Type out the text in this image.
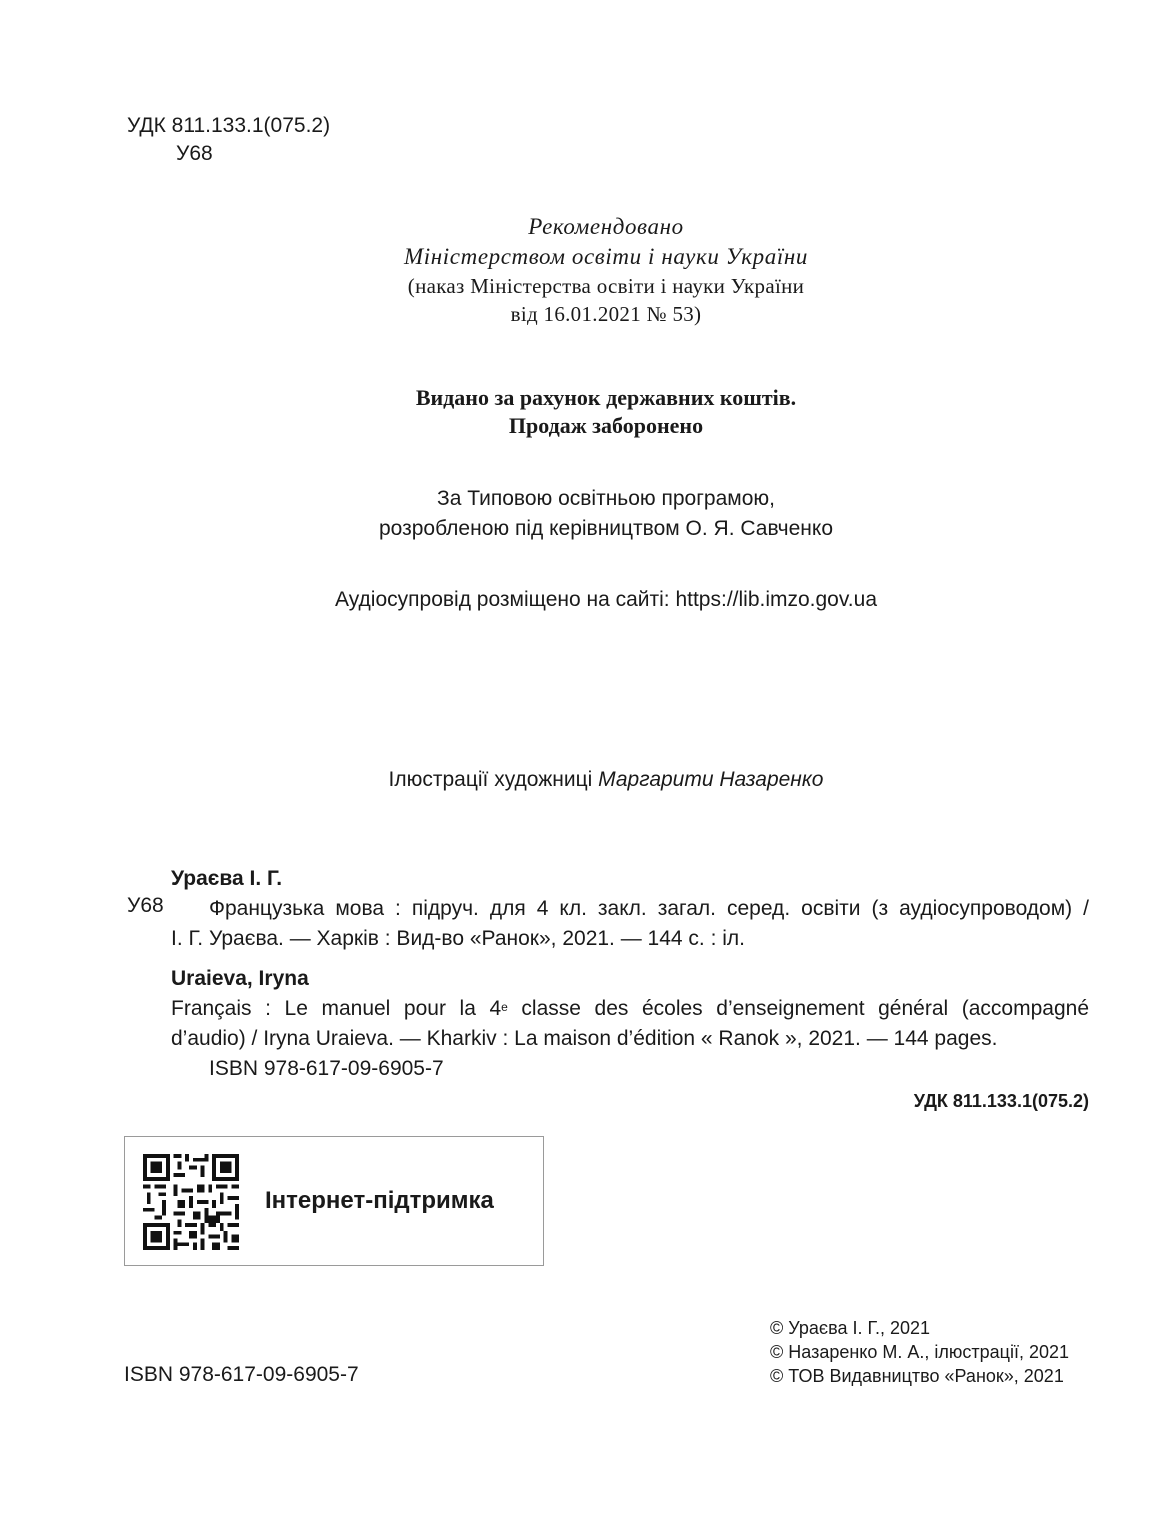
УДК 811.133.1(075.2)
У68
Рекомендовано
Міністерством освіти і науки України
(наказ Міністерства освіти і науки України
від 16.01.2021 № 53)
Видано за рахунок державних коштів.
Продаж заборонено
За Типовою освітньою програмою,
розробленою під керівництвом О. Я. Савченко
Аудіосупровід розміщено на сайті: https://lib.imzo.gov.ua
Ілюстрації художниці Маргарити Назаренко
Ураєва І. Г.
У68	Французька мова : підруч. для 4 кл. закл. загал. серед. освіти (з аудіосупроводом) /
І. Г. Ураєва. — Харків : Вид-во «Ранок», 2021. — 144 с. : іл.
Uraieva, Iryna
Français : Le manuel pour la 4e classe des écoles d’enseignement général (accompagné
d’audio) / Iryna Uraieva. — Kharkiv : La maison d’édition « Ranok », 2021. — 144 pages.
ISBN 978-617-09-6905-7
УДК 811.133.1(075.2)
Інтернет-підтримка
ISBN 978-617-09-6905-7
© Ураєва І. Г., 2021
© Назаренко М. А., ілюстрації, 2021
© ТОВ Видавництво «Ранок», 2021
